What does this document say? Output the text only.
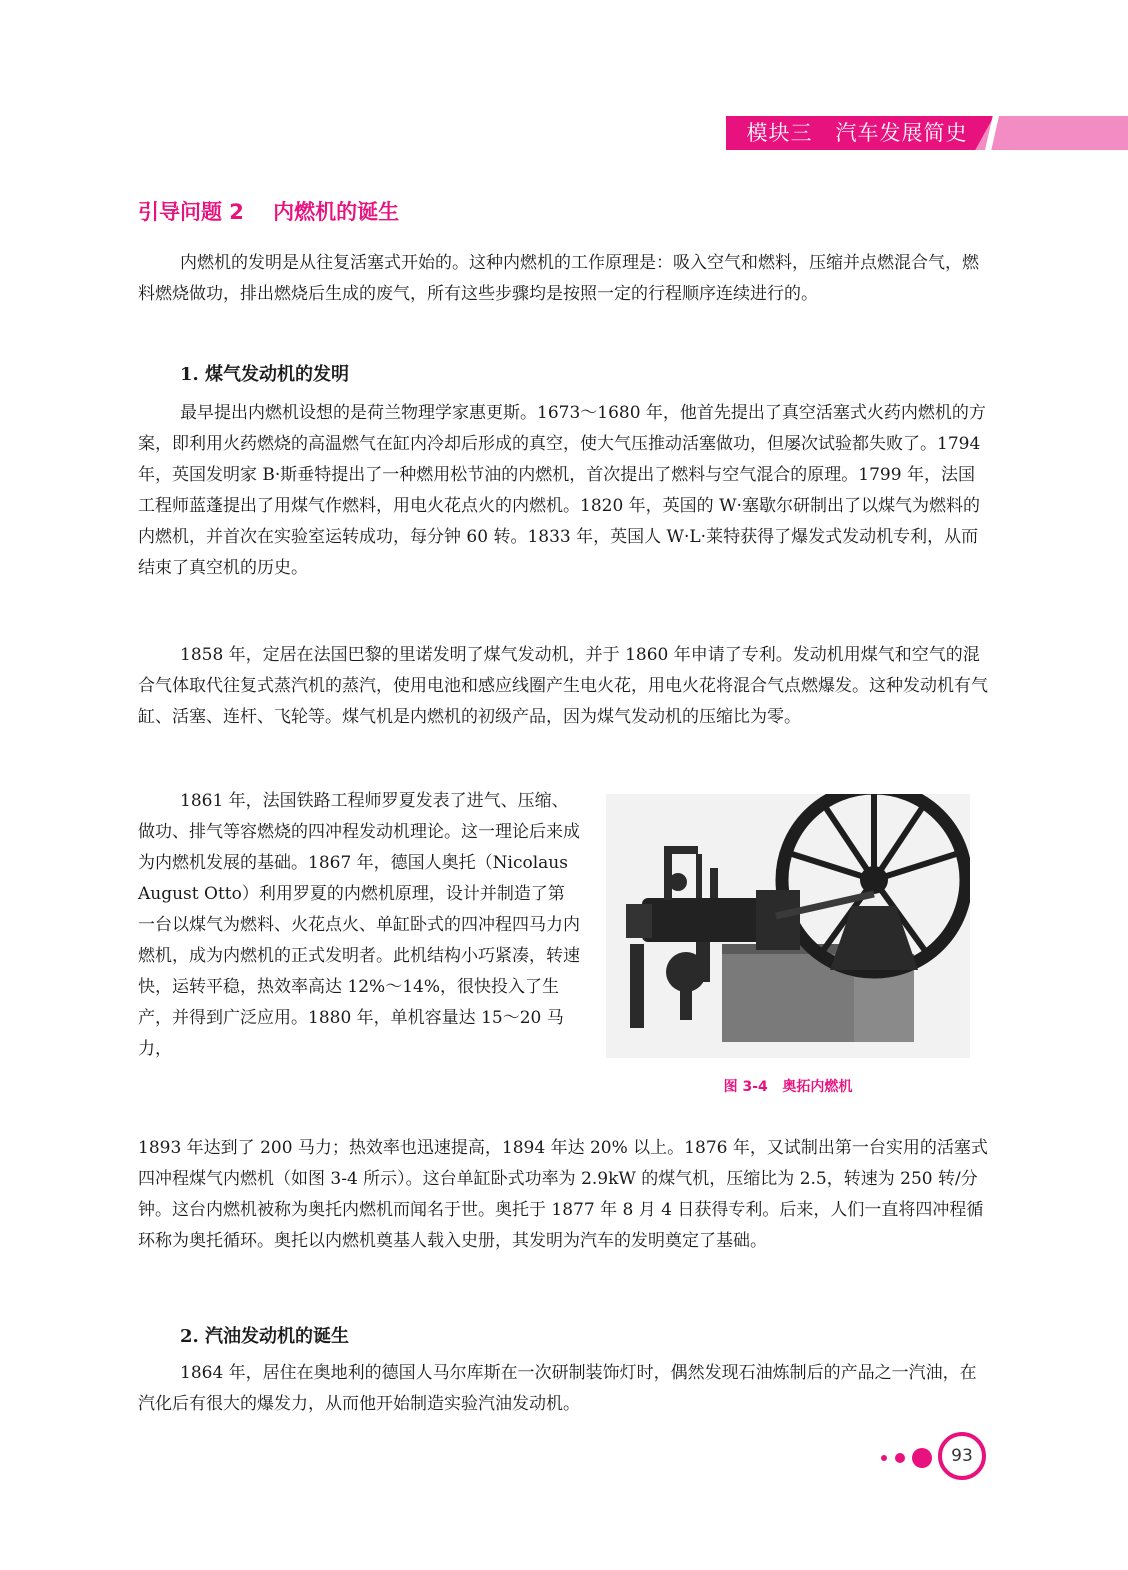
模块三   汽车发展简史
引导问题 2    内燃机的诞生

内燃机的发明是从往复活塞式开始的。这种内燃机的工作原理是：吸入空气和燃料，压缩并点燃混合气，燃料燃烧做功，排出燃烧后生成的废气，所有这些步骤均是按照一定的行程顺序连续进行的。

1. 煤气发动机的发明

最早提出内燃机设想的是荷兰物理学家惠更斯。1673～1680 年，他首先提出了真空活塞式火药内燃机的方案，即利用火药燃烧的高温燃气在缸内冷却后形成的真空，使大气压推动活塞做功，但屡次试验都失败了。1794 年，英国发明家 B·斯垂特提出了一种燃用松节油的内燃机，首次提出了燃料与空气混合的原理。1799 年，法国工程师蓝蓬提出了用煤气作燃料，用电火花点火的内燃机。1820 年，英国的 W·塞歇尔研制出了以煤气为燃料的内燃机，并首次在实验室运转成功，每分钟 60 转。1833 年，英国人 W·L·莱特获得了爆发式发动机专利，从而结束了真空机的历史。

1858 年，定居在法国巴黎的里诺发明了煤气发动机，并于 1860 年申请了专利。发动机用煤气和空气的混合气体取代往复式蒸汽机的蒸汽，使用电池和感应线圈产生电火花，用电火花将混合气点燃爆发。这种发动机有气缸、活塞、连杆、飞轮等。煤气机是内燃机的初级产品，因为煤气发动机的压缩比为零。

1861 年，法国铁路工程师罗夏发表了进气、压缩、做功、排气等容燃烧的四冲程发动机理论。这一理论后来成为内燃机发展的基础。1867 年，德国人奥托（Nicolaus August Otto）利用罗夏的内燃机原理，设计并制造了第一台以煤气为燃料、火花点火、单缸卧式的四冲程四马力内燃机，成为内燃机的正式发明者。此机结构小巧紧凑，转速快，运转平稳，热效率高达 12%～14%，很快投入了生产，并得到广泛应用。1880 年，单机容量达 15～20 马力，

1893 年达到了 200 马力；热效率也迅速提高，1894 年达 20% 以上。1876 年，又试制出第一台实用的活塞式四冲程煤气内燃机（如图 3-4 所示）。这台单缸卧式功率为 2.9kW 的煤气机，压缩比为 2.5，转速为 250 转/分钟。这台内燃机被称为奥托内燃机而闻名于世。奥托于 1877 年 8 月 4 日获得专利。后来，人们一直将四冲程循环称为奥托循环。奥托以内燃机奠基人载入史册，其发明为汽车的发明奠定了基础。

图 3-4   奥拓内燃机
2. 汽油发动机的诞生

1864 年，居住在奥地利的德国人马尔库斯在一次研制装饰灯时，偶然发现石油炼制后的产品之一汽油，在汽化后有很大的爆发力，从而他开始制造实验汽油发动机。

93
